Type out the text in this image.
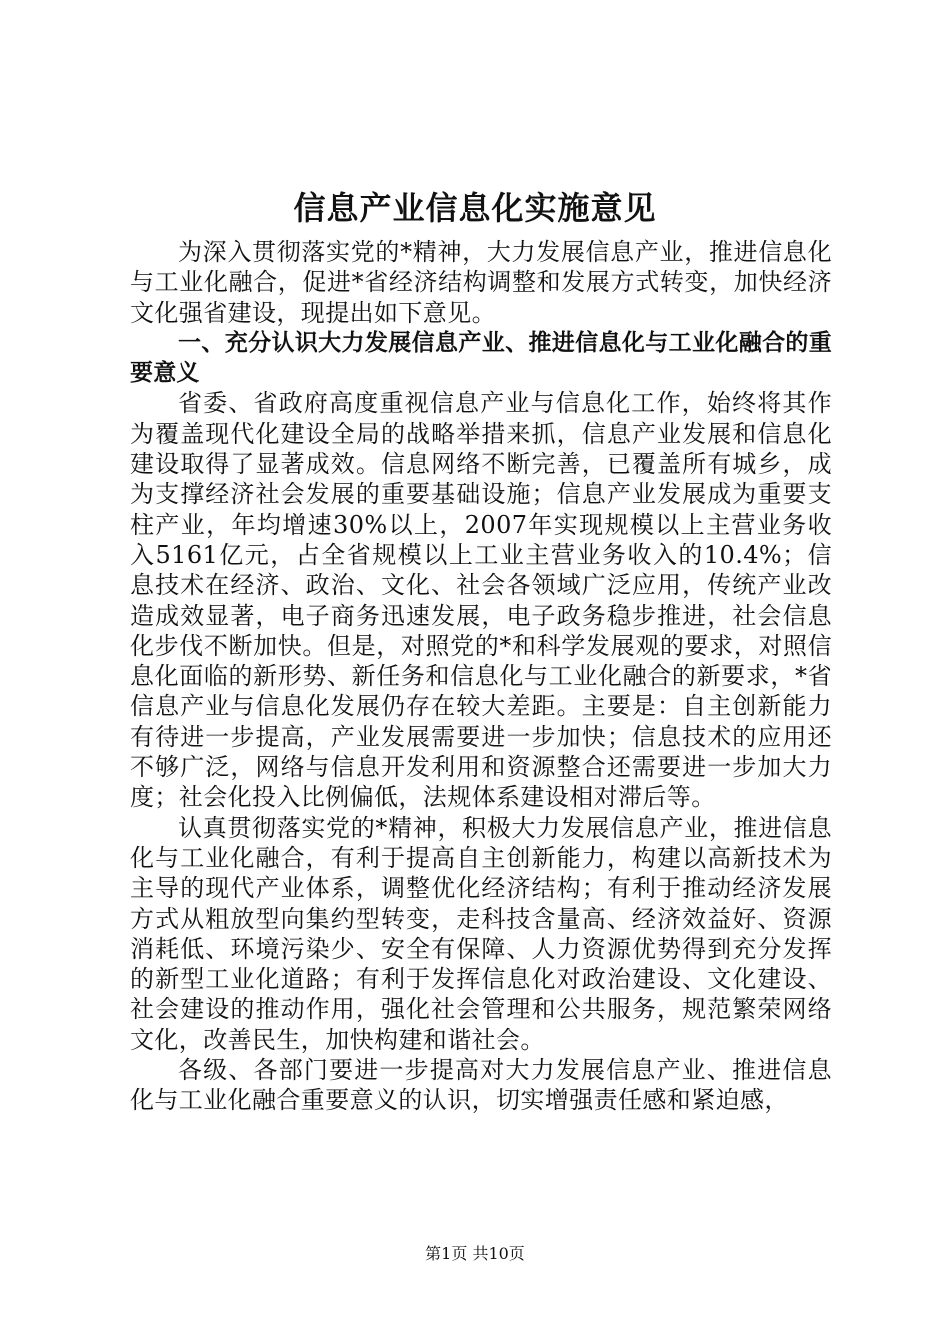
信息产业信息化实施意见

为深入贯彻落实党的*精神，大力发展信息产业，推进信息化与工业化融合，促进*省经济结构调整和发展方式转变，加快经济文化强省建设，现提出如下意见。

一、充分认识大力发展信息产业、推进信息化与工业化融合的重要意义

省委、省政府高度重视信息产业与信息化工作，始终将其作为覆盖现代化建设全局的战略举措来抓，信息产业发展和信息化建设取得了显著成效。信息网络不断完善，已覆盖所有城乡，成为支撑经济社会发展的重要基础设施；信息产业发展成为重要支柱产业，年均增速30%以上，2007年实现规模以上主营业务收入5161亿元，占全省规模以上工业主营业务收入的10.4%；信息技术在经济、政治、文化、社会各领域广泛应用，传统产业改造成效显著，电子商务迅速发展，电子政务稳步推进，社会信息化步伐不断加快。但是，对照党的*和科学发展观的要求，对照信息化面临的新形势、新任务和信息化与工业化融合的新要求，*省信息产业与信息化发展仍存在较大差距。主要是：自主创新能力有待进一步提高，产业发展需要进一步加快；信息技术的应用还不够广泛，网络与信息开发利用和资源整合还需要进一步加大力度；社会化投入比例偏低，法规体系建设相对滞后等。

认真贯彻落实党的*精神，积极大力发展信息产业，推进信息化与工业化融合，有利于提高自主创新能力，构建以高新技术为主导的现代产业体系，调整优化经济结构；有利于推动经济发展方式从粗放型向集约型转变，走科技含量高、经济效益好、资源消耗低、环境污染少、安全有保障、人力资源优势得到充分发挥的新型工业化道路；有利于发挥信息化对政治建设、文化建设、社会建设的推动作用，强化社会管理和公共服务，规范繁荣网络文化，改善民生，加快构建和谐社会。

各级、各部门要进一步提高对大力发展信息产业、推进信息化与工业化融合重要意义的认识，切实增强责任感和紧迫感，

第1页 共10页
